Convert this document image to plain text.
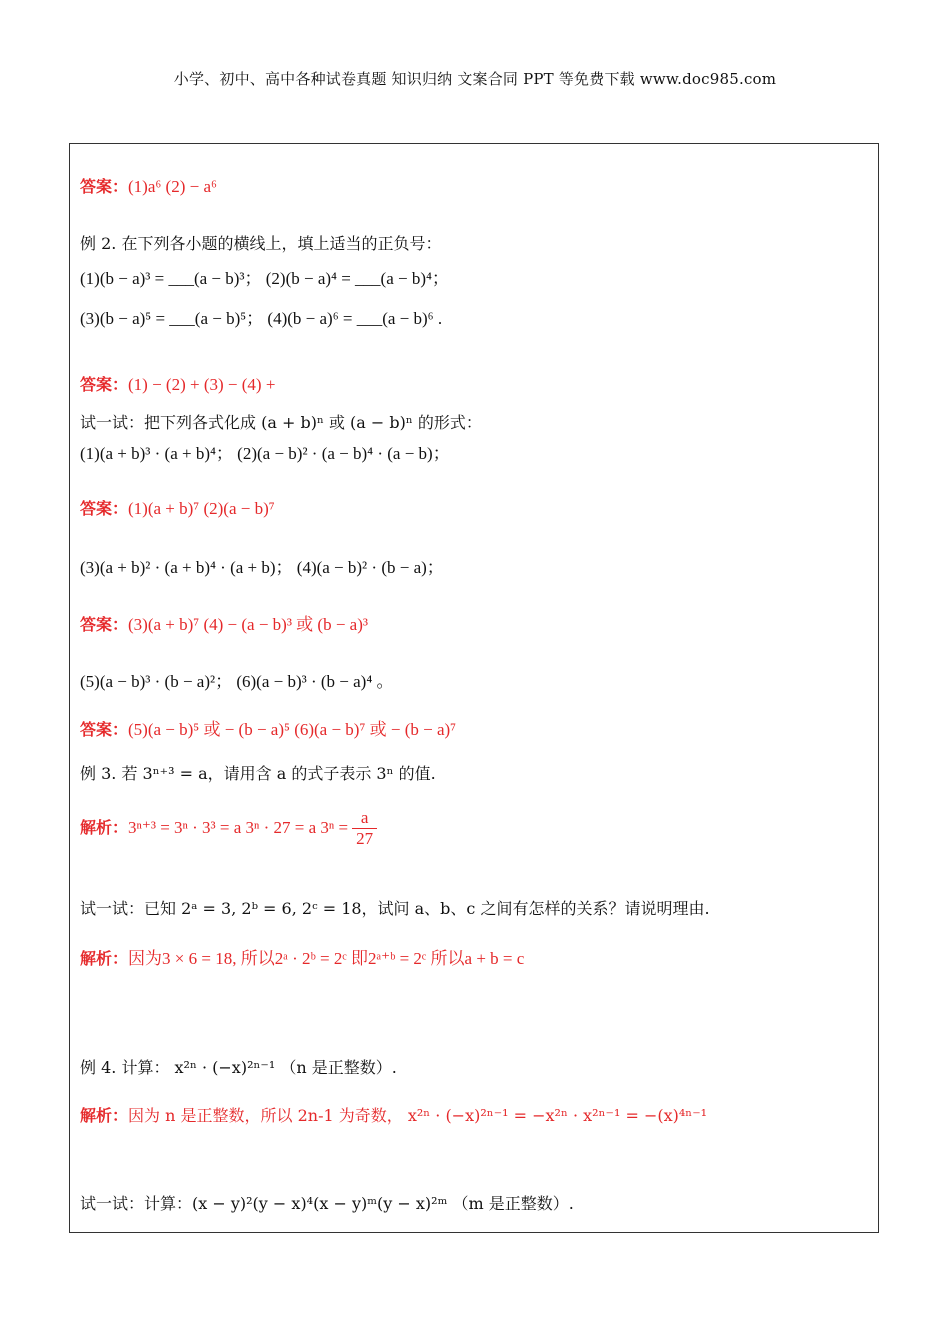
小学、初中、高中各种试卷真题 知识归纳 文案合同 PPT 等免费下载 www.doc985.com
答案：(1)a⁶ (2) − a⁶
例 2. 在下列各小题的横线上，填上适当的正负号：
(1)(b − a)³ = ___(a − b)³； (2)(b − a)⁴ = ___(a − b)⁴；
(3)(b − a)⁵ = ___(a − b)⁵； (4)(b − a)⁶ = ___(a − b)⁶ .
答案：(1) − (2) + (3) − (4) +
试一试：把下列各式化成 (a + b)ⁿ 或 (a − b)ⁿ 的形式：
(1)(a + b)³ · (a + b)⁴； (2)(a − b)² · (a − b)⁴ · (a − b)；
答案：(1)(a + b)⁷ (2)(a − b)⁷
(3)(a + b)² · (a + b)⁴ · (a + b)； (4)(a − b)² · (b − a)；
答案：(3)(a + b)⁷ (4) − (a − b)³ 或 (b − a)³
(5)(a − b)³ · (b − a)²； (6)(a − b)³ · (b − a)⁴ 。
答案：(5)(a − b)⁵ 或 − (b − a)⁵ (6)(a − b)⁷ 或 − (b − a)⁷
例 3. 若 3ⁿ⁺³ = a，请用含 a 的式子表示 3ⁿ 的值.
解析：3ⁿ⁺³ = 3ⁿ · 3³ = a 3ⁿ · 27 = a $3^n = \frac{a}{27}$
试一试：已知 2ᵃ = 3, 2ᵇ = 6, 2ᶜ = 18，试问 a、b、c 之间有怎样的关系？请说明理由.
解析：因为3 × 6 = 18, 所以2ᵃ · 2ᵇ = 2ᶜ 即2ᵃ⁺ᵇ = 2ᶜ 所以a + b = c
例 4. 计算： x²ⁿ · (−x)²ⁿ⁻¹ （n 是正整数）.
解析：因为 n 是正整数，所以 2n-1 为奇数， x²ⁿ · (−x)²ⁿ⁻¹ = −x²ⁿ · x²ⁿ⁻¹ = −(x)⁴ⁿ⁻¹
试一试：计算：(x − y)²(y − x)⁴(x − y)ᵐ(y − x)²ᵐ （m 是正整数）.
